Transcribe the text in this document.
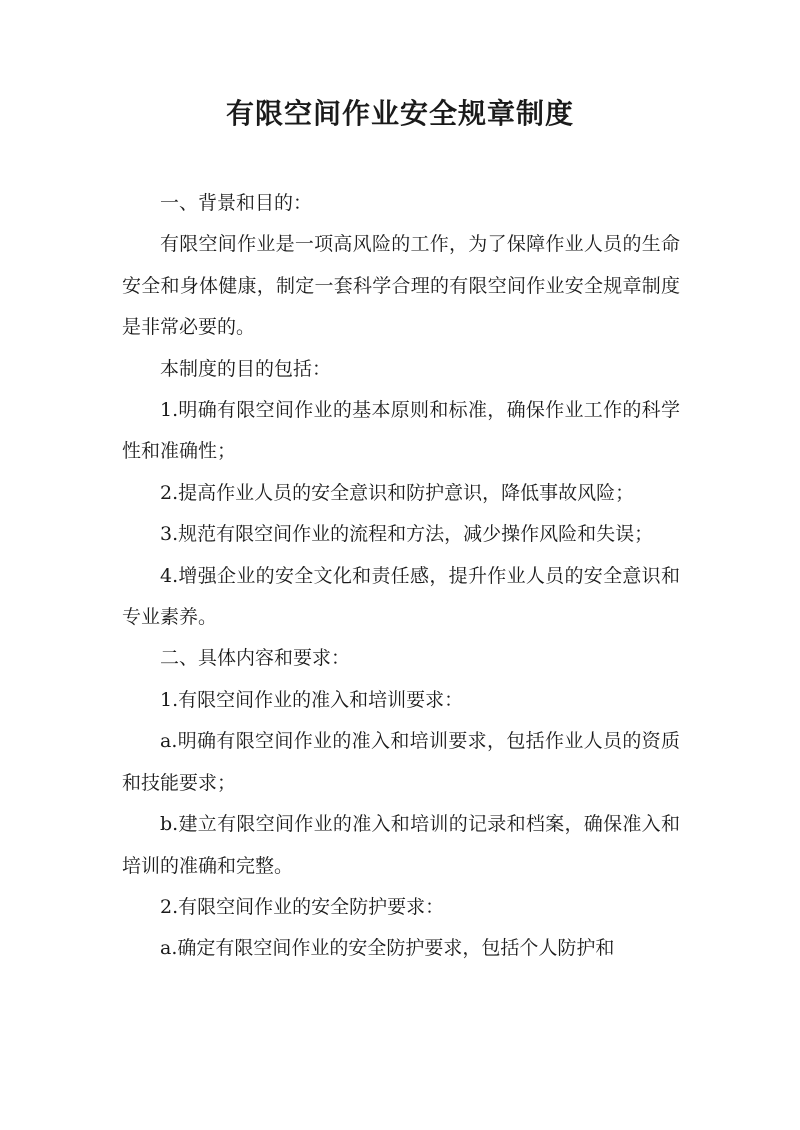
有限空间作业安全规章制度

一、背景和目的：

有限空间作业是一项高风险的工作，为了保障作业人员的生命安全和身体健康，制定一套科学合理的有限空间作业安全规章制度是非常必要的。

本制度的目的包括：

1.明确有限空间作业的基本原则和标准，确保作业工作的科学性和准确性；

2.提高作业人员的安全意识和防护意识，降低事故风险；

3.规范有限空间作业的流程和方法，减少操作风险和失误；

4.增强企业的安全文化和责任感，提升作业人员的安全意识和专业素养。

二、具体内容和要求：

1.有限空间作业的准入和培训要求：

a.明确有限空间作业的准入和培训要求，包括作业人员的资质和技能要求；

b.建立有限空间作业的准入和培训的记录和档案，确保准入和培训的准确和完整。

2.有限空间作业的安全防护要求：

a.确定有限空间作业的安全防护要求，包括个人防护和
